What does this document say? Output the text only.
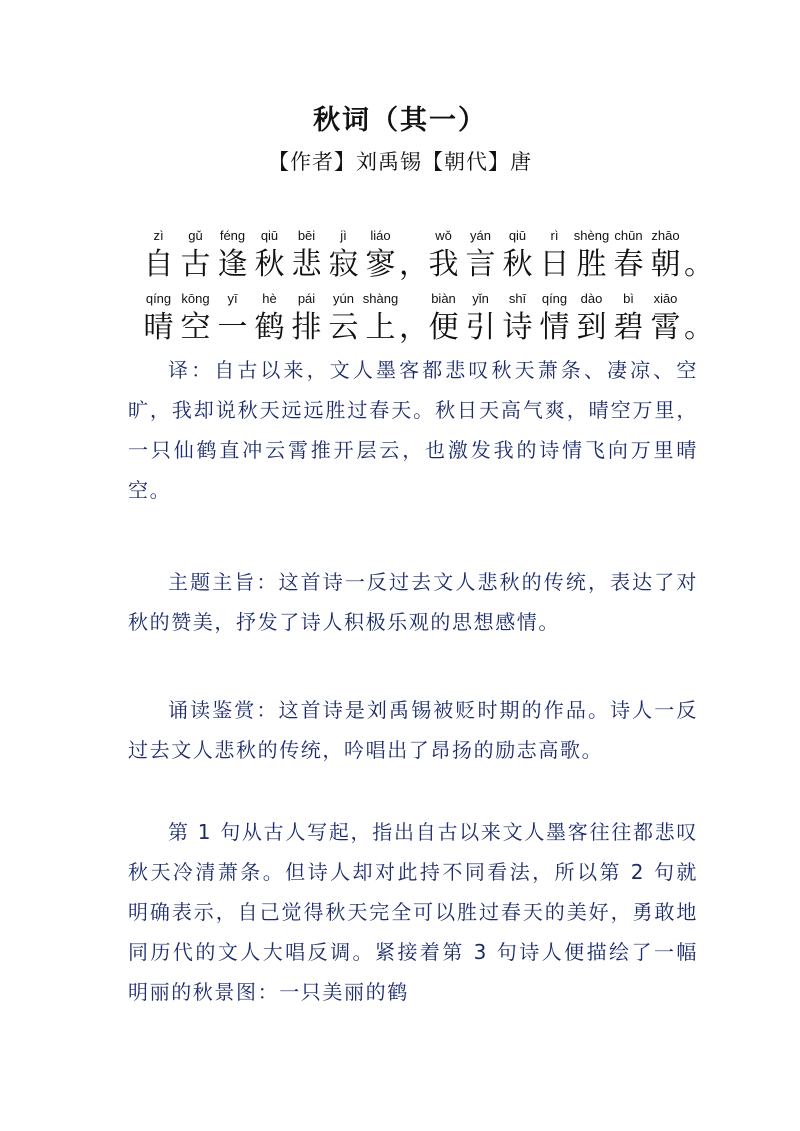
秋词（其一）
【作者】刘禹锡【朝代】唐
zì
自
gǔ
古
féng
逢
qiū
秋
bēi
悲
jì
寂
liáo
寥 ，
wǒ
我
yán
言
qiū
秋
rì
日
shèng
胜
chūn
春
zhāo
朝 。
qíng
晴
kōng
空
yī
一
hè
鹤
pái
排
yún
云
shàng
上 ，
biàn
便
yǐn
引
shī
诗
qíng
情
dào
到
bì
碧
xiāo
霄 。
译：自古以来，文人墨客都悲叹秋天萧条、凄凉、空旷，我却说秋天远远胜过春天。秋日天高气爽，晴空万里，一只仙鹤直冲云霄推开层云，也激发我的诗情飞向万里晴空。
主题主旨：这首诗一反过去文人悲秋的传统，表达了对秋的赞美，抒发了诗人积极乐观的思想感情。
诵读鉴赏：这首诗是刘禹锡被贬时期的作品。诗人一反过去文人悲秋的传统，吟唱出了昂扬的励志高歌。
第 1 句从古人写起，指出自古以来文人墨客往往都悲叹秋天冷清萧条。但诗人却对此持不同看法，所以第 2 句就明确表示，自己觉得秋天完全可以胜过春天的美好，勇敢地同历代的文人大唱反调。紧接着第 3 句诗人便描绘了一幅明丽的秋景图：一只美丽的鹤
